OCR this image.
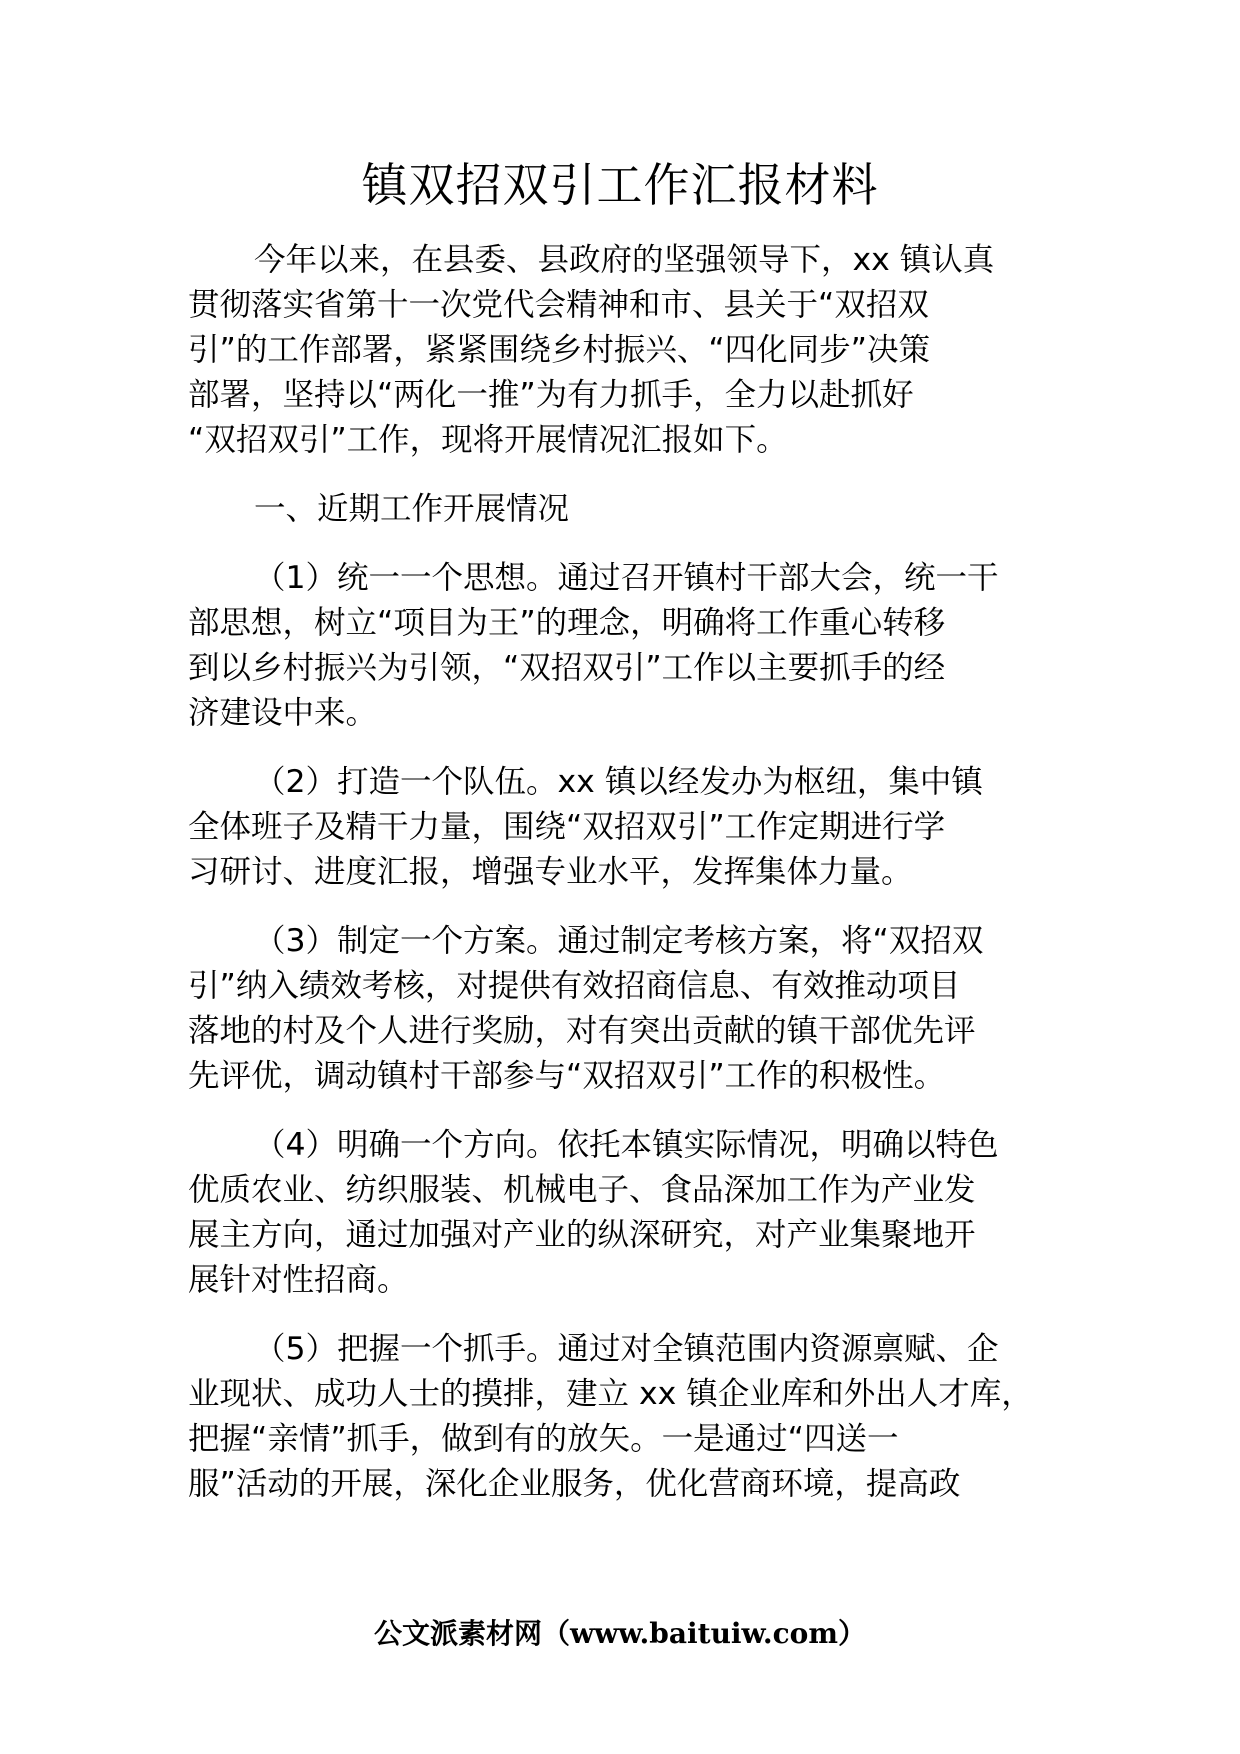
镇双招双引工作汇报材料

今年以来，在县委、县政府的坚强领导下，xx 镇认真
贯彻落实省第十一次党代会精神和市、县关于“双招双
引”的工作部署，紧紧围绕乡村振兴、“四化同步”决策
部署，坚持以“两化一推”为有力抓手，全力以赴抓好
“双招双引”工作，现将开展情况汇报如下。

一、近期工作开展情况

（1）统一一个思想。通过召开镇村干部大会，统一干
部思想，树立“项目为王”的理念，明确将工作重心转移
到以乡村振兴为引领，“双招双引”工作以主要抓手的经
济建设中来。

（2）打造一个队伍。xx 镇以经发办为枢纽，集中镇
全体班子及精干力量，围绕“双招双引”工作定期进行学
习研讨、进度汇报，增强专业水平，发挥集体力量。

（3）制定一个方案。通过制定考核方案，将“双招双
引”纳入绩效考核，对提供有效招商信息、有效推动项目
落地的村及个人进行奖励，对有突出贡献的镇干部优先评
先评优，调动镇村干部参与“双招双引”工作的积极性。

（4）明确一个方向。依托本镇实际情况，明确以特色
优质农业、纺织服装、机械电子、食品深加工作为产业发
展主方向，通过加强对产业的纵深研究，对产业集聚地开
展针对性招商。

（5）把握一个抓手。通过对全镇范围内资源禀赋、企
业现状、成功人士的摸排，建立 xx 镇企业库和外出人才库，
把握“亲情”抓手，做到有的放矢。一是通过“四送一
服”活动的开展，深化企业服务，优化营商环境，提高政

公文派素材网（www.baituiw.com）
